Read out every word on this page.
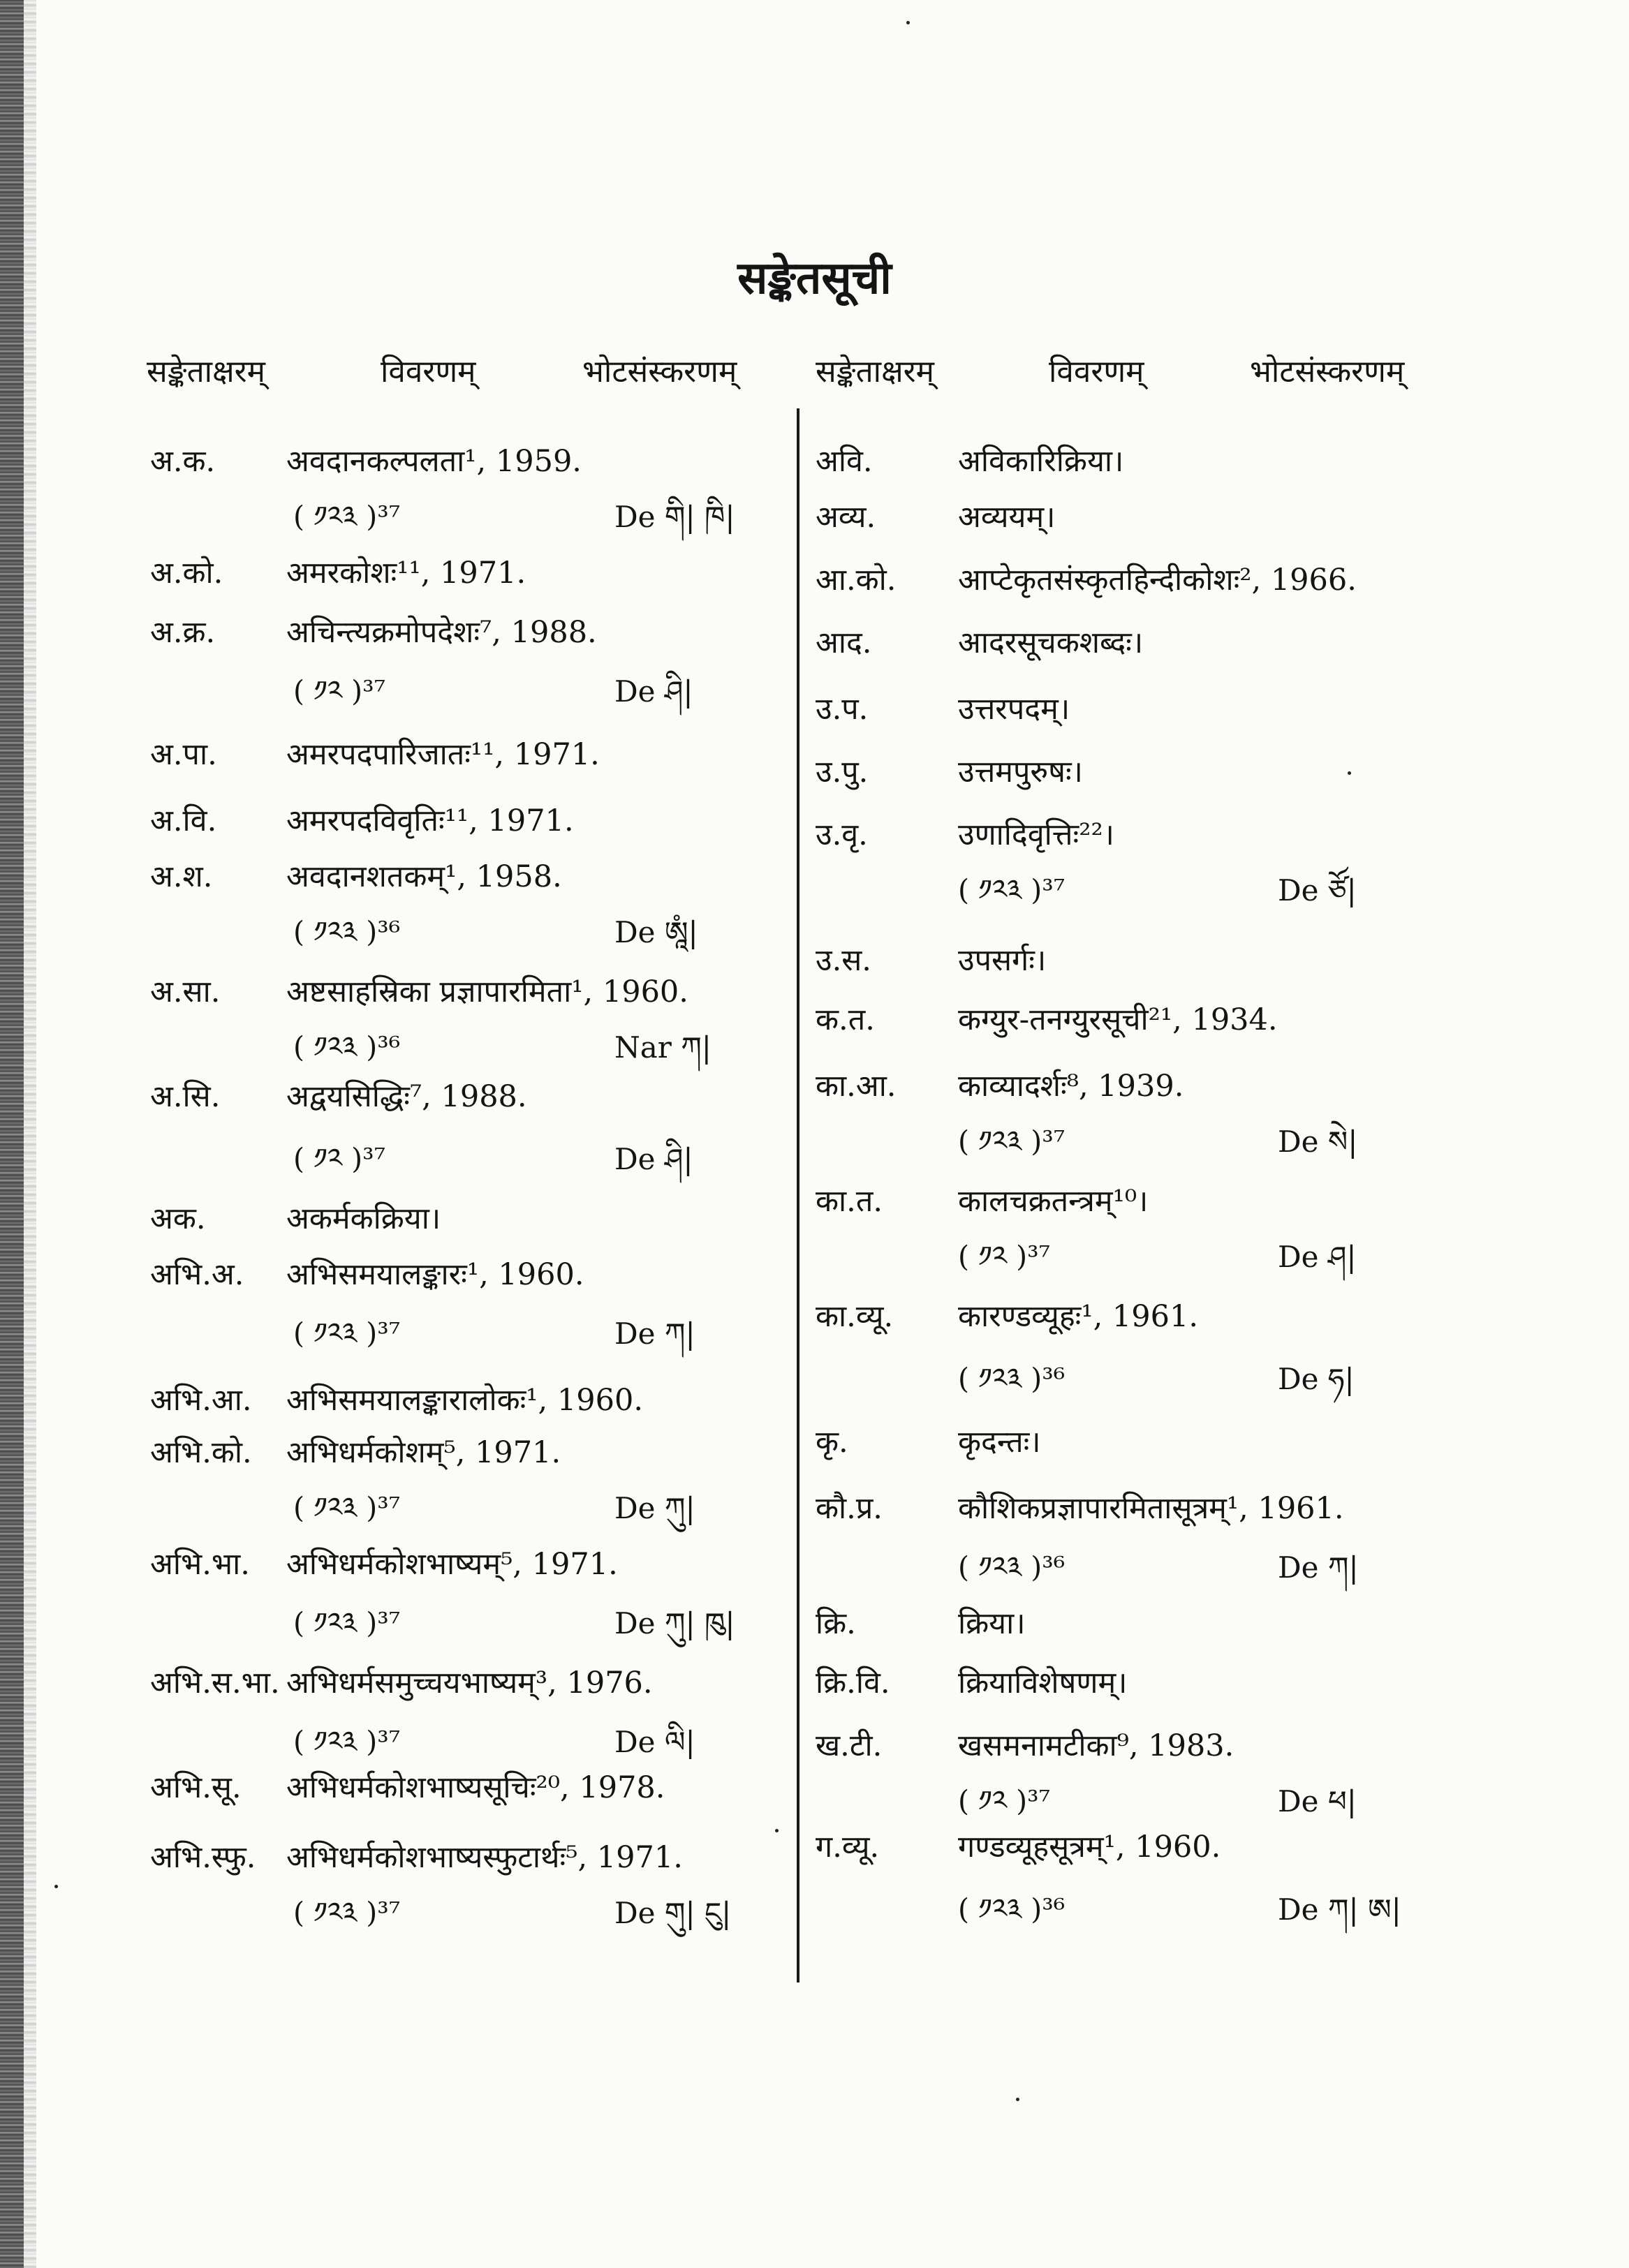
सङ्केतसूची
सङ्केताक्षरम्	विवरणम्	भोटसंस्करणम्	सङ्केताक्षरम्	विवरणम्	भोटसंस्करणम्
अ.क. अवदानकल्पलता¹, 1959.
( ༡༢༣ )³⁷	De གི| ཁི|
अ.को. अमरकोशः¹¹, 1971.
अ.क्र. अचिन्त्यक्रमोपदेशः⁷, 1988.
( ༡༢ )³⁷	De ཤི|
अ.पा. अमरपदपारिजातः¹¹, 1971.
अ.वि. अमरपदविवृतिः¹¹, 1971.
अ.श. अवदानशतकम्¹, 1958.
( ༡༢༣ )³⁶	De ཨཱཾ|
अ.सा. अष्टसाहस्रिका प्रज्ञापारमिता¹, 1960.
( ༡༢༣ )³⁶	Nar ཀ|
अ.सि. अद्वयसिद्धिः⁷, 1988.
( ༡༢ )³⁷	De ཤི|
अक.	अकर्मकक्रिया।
अभि.अ. अभिसमयालङ्कारः¹, 1960.
( ༡༢༣ )³⁷	De ཀ|
अभि.आ. अभिसमयालङ्कारालोकः¹, 1960.
अभि.को. अभिधर्मकोशम्⁵, 1971.
( ༡༢༣ )³⁷	De ཀུ|
अभि.भा. अभिधर्मकोशभाष्यम्⁵, 1971.
( ༡༢༣ )³⁷	De ཀུ| ཁུ|
अभि.स.भा. अभिधर्मसमुच्चयभाष्यम्³, 1976.
( ༡༢༣ )³⁷	De ལི|
अभि.सू. अभिधर्मकोशभाष्यसूचिः²⁰, 1978.
अभि.स्फु. अभिधर्मकोशभाष्यस्फुटार्थः⁵, 1971.
( ༡༢༣ )³⁷	De གུ| ངུ|
अवि.	अविकारिक्रिया।
अव्य.	अव्ययम्।
आ.को. आप्टेकृतसंस्कृतहिन्दीकोशः², 1966.
आद.	आदरसूचकशब्दः।
उ.प.	उत्तरपदम्।
उ.पु.	उत्तमपुरुषः।
उ.वृ.	उणादिवृत्तिः²²।
( ༡༢༣ )³⁷	De ཙོ|
उ.स.	उपसर्गः।
क.त.	कग्युर-तनग्युरसूची²¹, 1934.
का.आ. काव्यादर्शः⁸, 1939.
( ༡༢༣ )³⁷	De སེ|
का.त.	कालचक्रतन्त्रम्¹⁰।
( ༡༢ )³⁷	De ཤ|
का.व्यू. कारण्डव्यूहः¹, 1961.
( ༡༢༣ )³⁶	De ཧ|
कृ.	कृदन्तः।
कौ.प्र.	कौशिकप्रज्ञापारमितासूत्रम्¹, 1961.
( ༡༢༣ )³⁶	De ཀ|
क्रि.	क्रिया।
क्रि.वि. क्रियाविशेषणम्।
ख.टी.	खसमनामटीका⁹, 1983.
( ༡༢ )³⁷	De ཕ|
ग.व्यू.	गण्डव्यूहसूत्रम्¹, 1960.
( ༡༢༣ )³⁶	De ཀ| ཨ|
